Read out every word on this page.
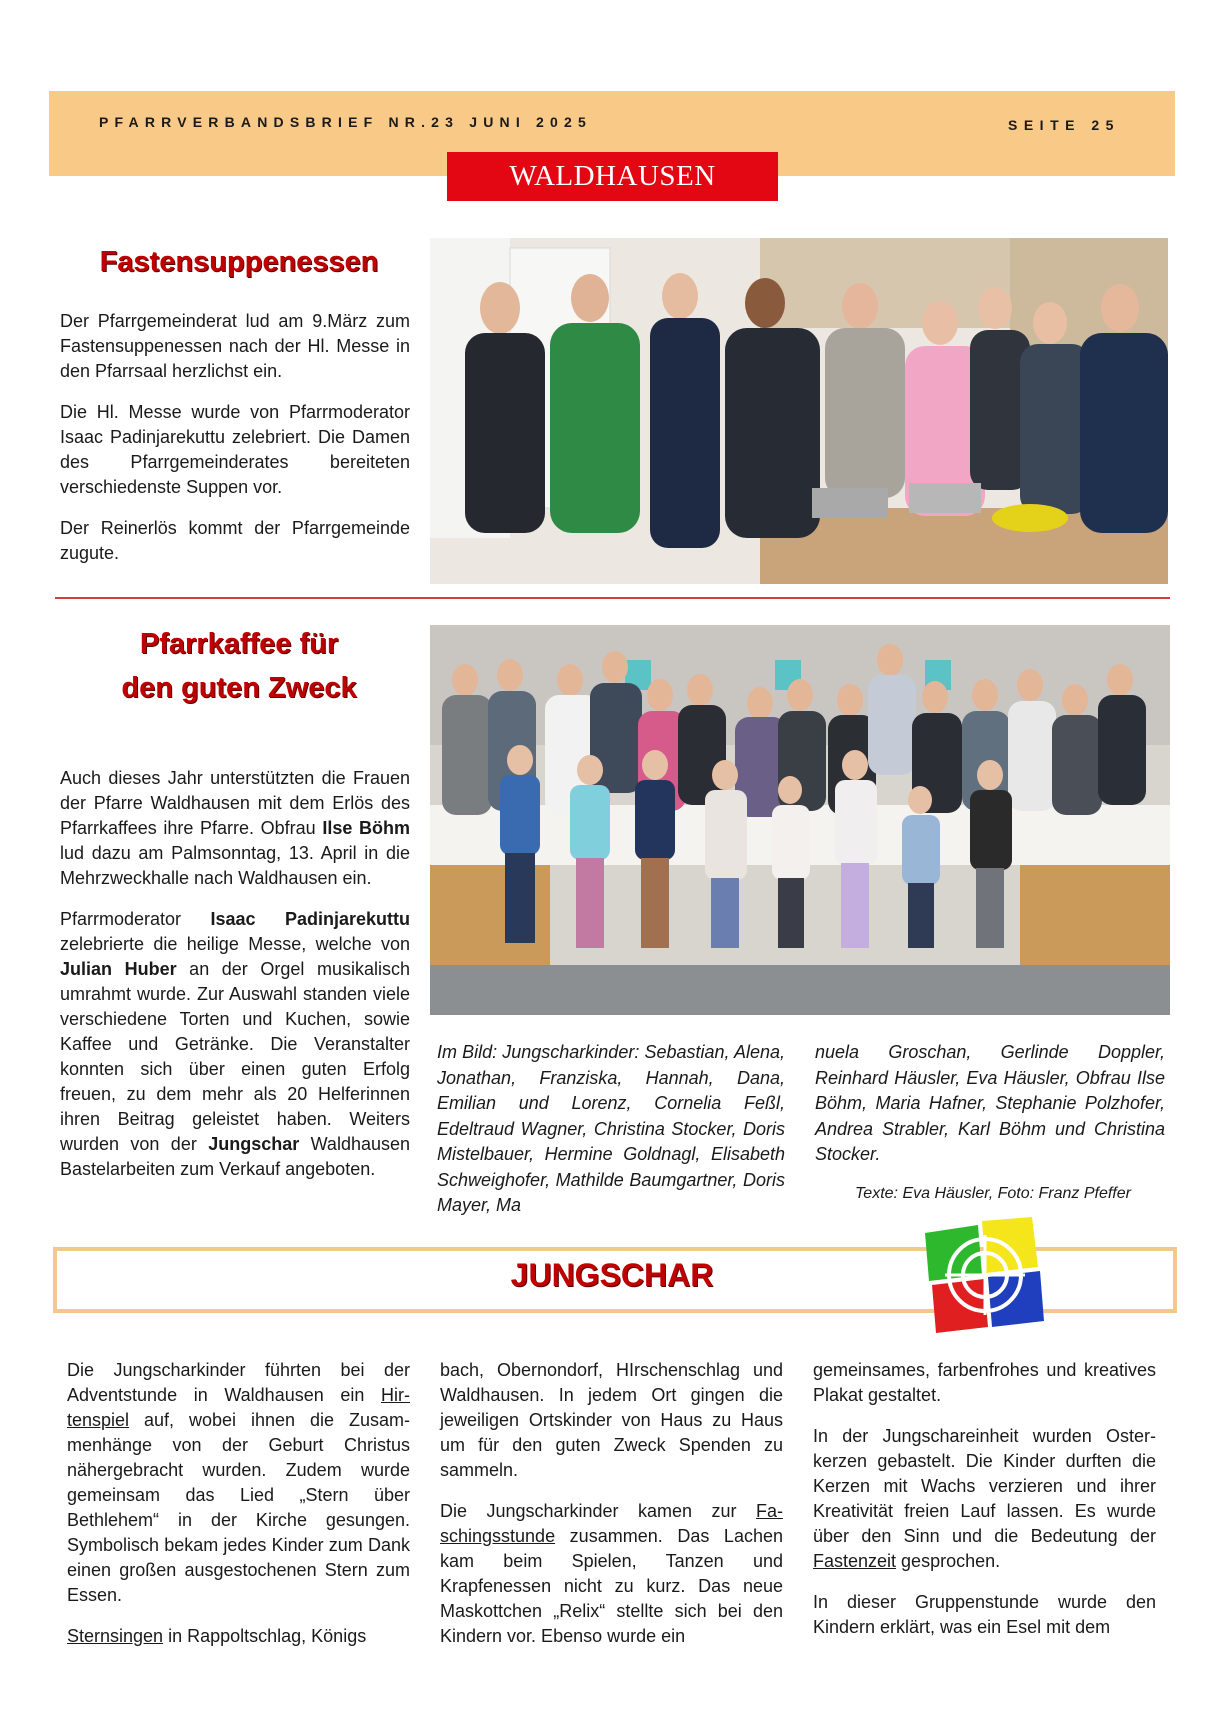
PFARRVERBANDSBRIEF NR.23 JUNI 2025	SEITE 25
WALDHAUSEN
Fastensuppenessen

Der Pfarrgemeinderat lud am 9.März zum Fastensuppenessen nach der Hl. Messe in den Pfarrsaal herzlichst ein.

Die Hl. Messe wurde von Pfarrmoderator Isaac Padinjarekuttu zelebriert. Die Damen des Pfarrgemeinderates bereiteten verschiedenste Suppen vor.

Der Reinerlös kommt der Pfarrgemeinde zugute.

Pfarrkaffee für
den guten Zweck

Auch dieses Jahr unterstützten die Frauen der Pfarre Waldhausen mit dem Erlös des Pfarrkaffees ihre Pfarre. Obfrau Ilse Böhm lud dazu am Palmsonntag, 13. April in die Mehrzweckhalle nach Waldhausen ein.

Pfarrmoderator Isaac Padinjarekuttu zelebrierte die heilige Messe, welche von Julian Huber an der Orgel musikalisch umrahmt wurde. Zur Auswahl standen viele verschiedene Torten und Kuchen, sowie Kaffee und Getränke. Die Veranstalter konnten sich über einen guten Erfolg freuen, zu dem mehr als 20 Helferinnen ihren Beitrag geleistet haben. Weiters wurden von der Jungschar Waldhausen Bastelarbeiten zum Verkauf angeboten.

Im Bild: Jungscharkinder: Sebastian, Alena, Jonathan, Franziska, Hannah, Dana, Emilian und Lorenz, Cornelia Feßl, Edeltraud Wagner, Christina Stocker, Doris Mistelbauer, Hermine Goldnagl, Elisabeth Schweighofer, Mathilde Baumgartner, Doris Mayer, Ma
nuela Groschan, Gerlinde Doppler, Reinhard Häusler, Eva Häusler, Obfrau Ilse Böhm, Maria Hafner, Stephanie Polzhofer, Andrea Strabler, Karl Böhm und Christina Stocker.
Texte: Eva Häusler, Foto: Franz Pfeffer
JUNGSCHAR

Die Jungscharkinder führten bei der Adventstunde in Waldhausen ein Hirtenspiel auf, wobei ihnen die Zusammenhänge von der Geburt Christus nähergebracht wurden. Zudem wurde gemeinsam das Lied „Stern über Bethlehem“ in der Kirche gesungen. Symbolisch bekam jedes Kinder zum Dank einen großen ausgestochenen Stern zum Essen.

Sternsingen in Rappoltschlag, Königs

bach, Obernondorf, HIrschenschlag und Waldhausen. In jedem Ort gingen die jeweiligen Ortskinder von Haus zu Haus um für den guten Zweck Spenden zu sammeln.

Die Jungscharkinder kamen zur Faschingsstunde zusammen. Das Lachen kam beim Spielen, Tanzen und Krapfenessen nicht zu kurz. Das neue Maskottchen „Relix“ stellte sich bei den Kindern vor. Ebenso wurde ein

gemeinsames, farbenfrohes und kreatives Plakat gestaltet.

In der Jungschareinheit wurden Osterkerzen gebastelt. Die Kinder durften die Kerzen mit Wachs verzieren und ihrer Kreativität freien Lauf lassen. Es wurde über den Sinn und die Bedeutung der Fastenzeit gesprochen.

In dieser Gruppenstunde wurde den Kindern erklärt, was ein Esel mit dem
